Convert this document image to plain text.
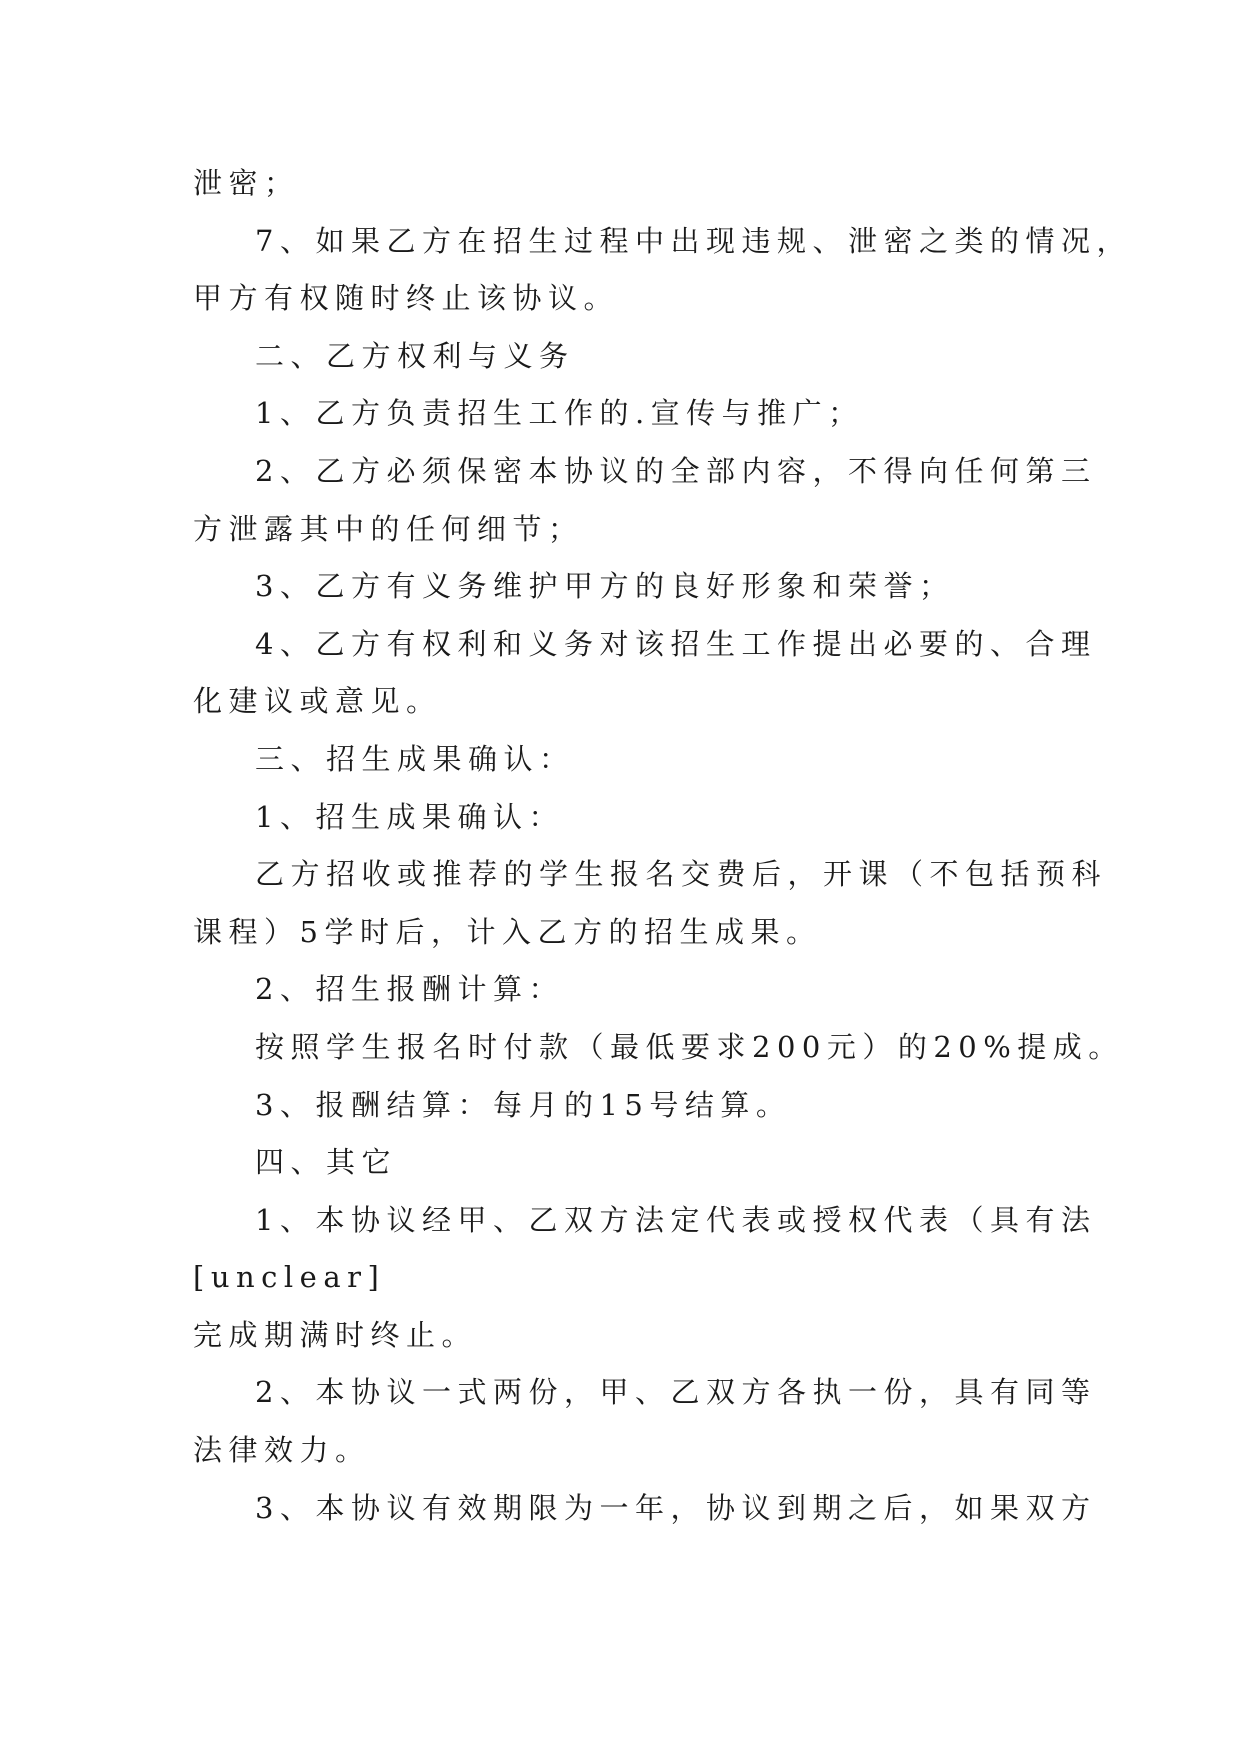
泄密；
7、如果乙方在招生过程中出现违规、泄密之类的情况，
甲方有权随时终止该协议。
二、乙方权利与义务
1、乙方负责招生工作的.宣传与推广；
2、乙方必须保密本协议的全部内容，不得向任何第三
方泄露其中的任何细节；
3、乙方有义务维护甲方的良好形象和荣誉；
4、乙方有权利和义务对该招生工作提出必要的、合理
化建议或意见。
三、招生成果确认：
1、招生成果确认：
乙方招收或推荐的学生报名交费后，开课（不包括预科
课程）5学时后，计入乙方的招生成果。
2、招生报酬计算：
按照学生报名时付款（最低要求200元）的20%提成。
3、报酬结算：每月的15号结算。
四、其它
1、本协议经甲、乙双方法定代表或授权代表（具有法
[unclear]
完成期满时终止。
2、本协议一式两份，甲、乙双方各执一份，具有同等
法律效力。
3、本协议有效期限为一年，协议到期之后，如果双方
